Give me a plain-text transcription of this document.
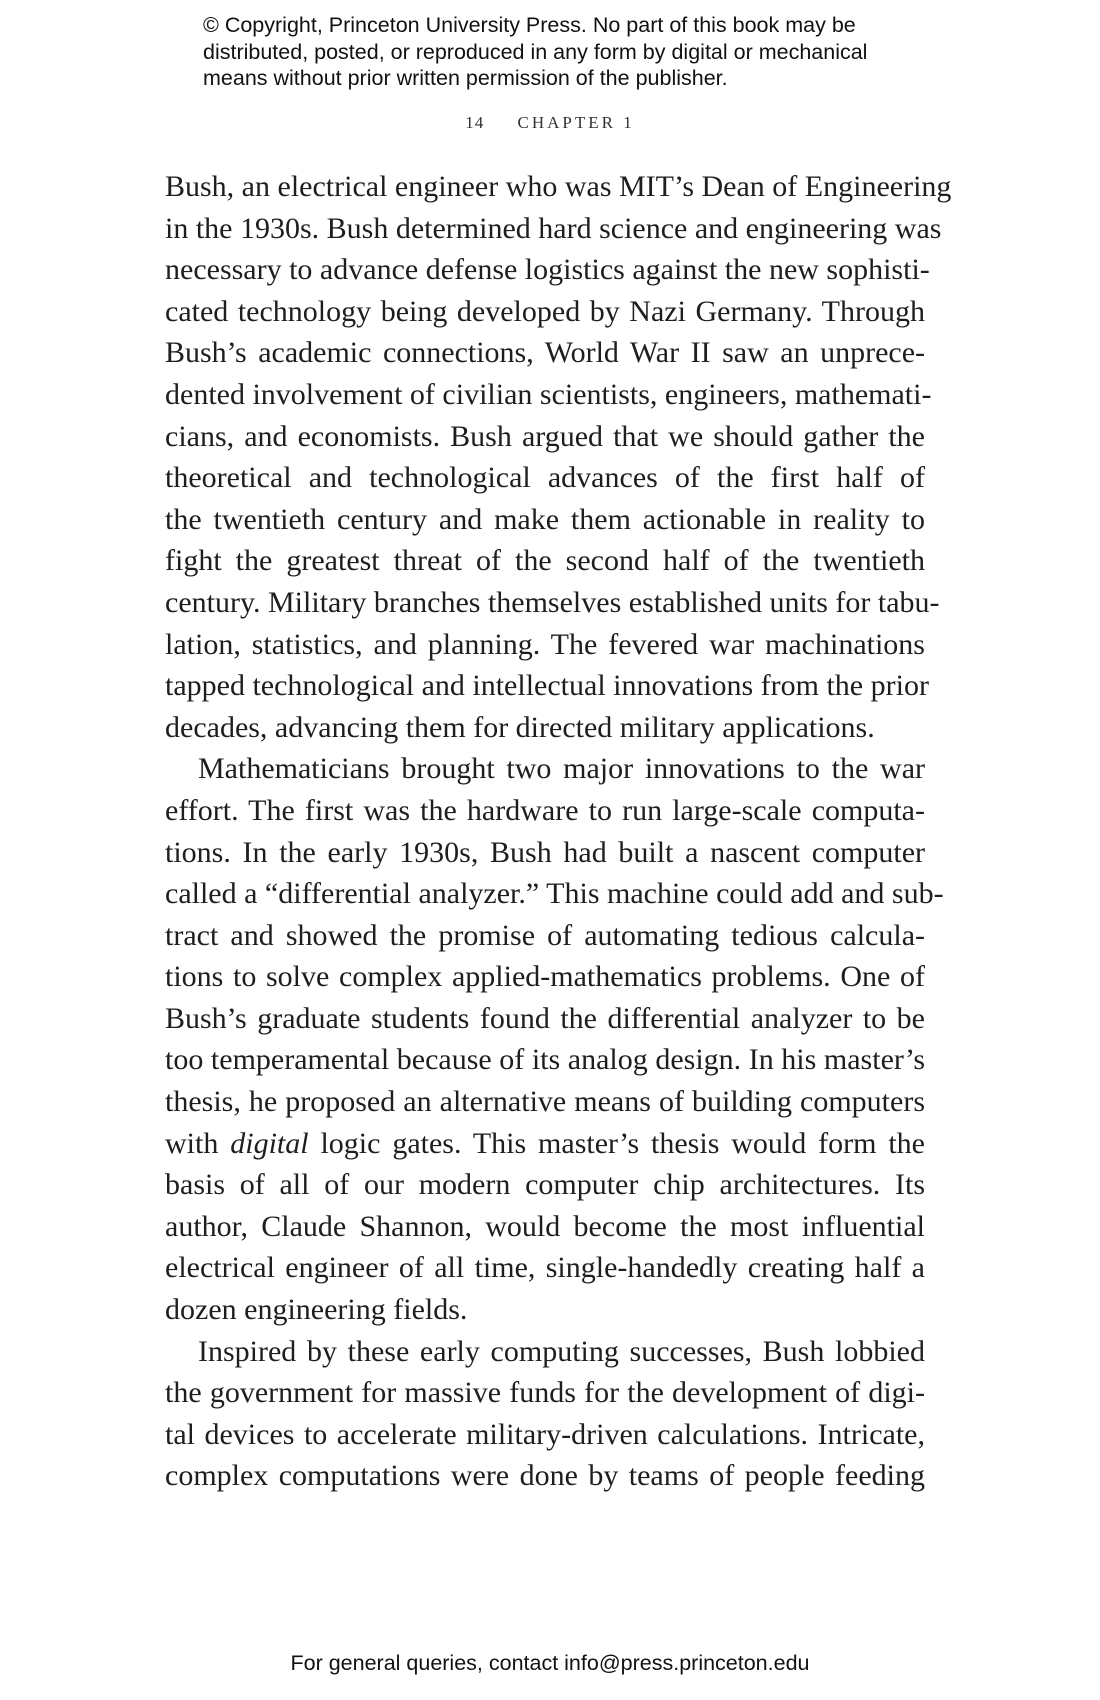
© Copyright, Princeton University Press. No part of this book may be
distributed, posted, or reproduced in any form by digital or mechanical
means without prior written permission of the publisher.
14 CHAPTER 1
Bush, an electrical engineer who was MIT’s Dean of Engineering
in the 1930s. Bush determined hard science and engineering was
necessary to advance defense logistics against the new sophisti-
cated technology being developed by Nazi Germany. Through
Bush’s academic connections, World War II saw an unprece-
dented involvement of civilian scientists, engineers, mathemati-
cians, and economists. Bush argued that we should gather the
theoretical and technological advances of the first half of
the twentieth century and make them actionable in reality to
fight the greatest threat of the second half of the twentieth
century. Military branches themselves established units for tabu-
lation, statistics, and planning. The fevered war machinations
tapped technological and intellectual innovations from the prior
decades, advancing them for directed military applications.
Mathematicians brought two major innovations to the war
effort. The first was the hardware to run large-scale computa-
tions. In the early 1930s, Bush had built a nascent computer
called a “differential analyzer.” This machine could add and sub-
tract and showed the promise of automating tedious calcula-
tions to solve complex applied-mathematics problems. One of
Bush’s graduate students found the differential analyzer to be
too temperamental because of its analog design. In his master’s
thesis, he proposed an alternative means of building computers
with digital logic gates. This master’s thesis would form the
basis of all of our modern computer chip architectures. Its
author, Claude Shannon, would become the most influential
electrical engineer of all time, single-handedly creating half a
dozen engineering fields.
Inspired by these early computing successes, Bush lobbied
the government for massive funds for the development of digi-
tal devices to accelerate military-driven calculations. Intricate,
complex computations were done by teams of people feeding
For general queries, contact info@press.princeton.edu
